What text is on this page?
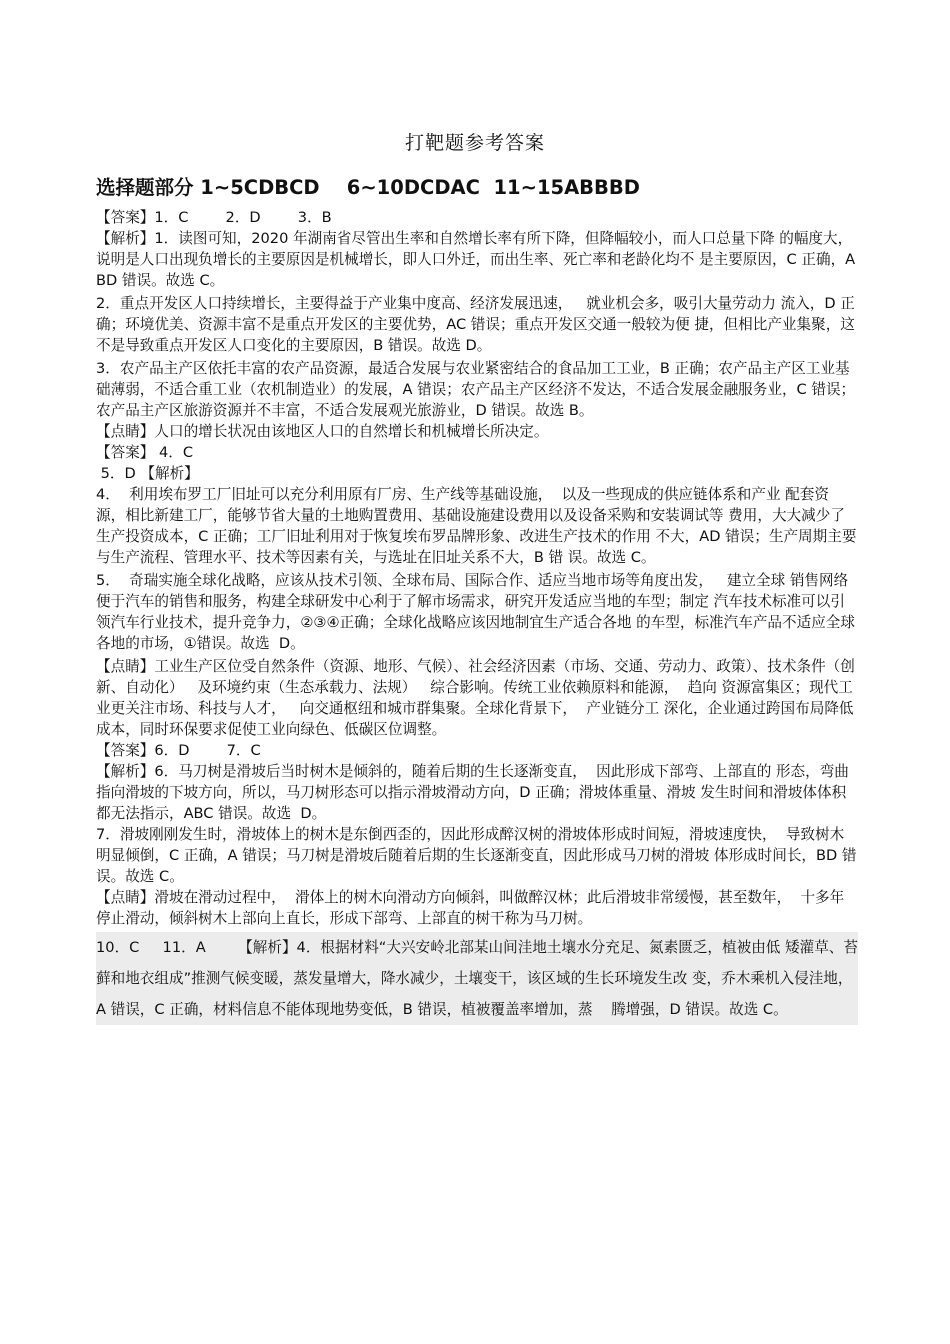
打靶题参考答案
选择题部分 1~5CDBCD    6~10DCDAC  11~15ABBBD

【答案】1．C        2．D        3．B

【解析】1．读图可知，2020 年湖南省尽管出生率和自然增长率有所下降，但降幅较小，而人口总量下降 的幅度大，说明是人口出现负增长的主要原因是机械增长，即人口外迁，而出生率、死亡率和老龄化均不 是主要原因，C 正确，ABD 错误。故选 C。

2．重点开发区人口持续增长，主要得益于产业集中度高、经济发展迅速，   就业机会多，吸引大量劳动力 流入，D 正确；环境优美、资源丰富不是重点开发区的主要优势，AC 错误；重点开发区交通一般较为便 捷，但相比产业集聚，这不是导致重点开发区人口变化的主要原因，B 错误。故选 D。

3．农产品主产区依托丰富的农产品资源，最适合发展与农业紧密结合的食品加工工业，B 正确；农产品主产区工业基础薄弱，不适合重工业（农机制造业）的发展，A 错误；农产品主产区经济不发达，不适合发展金融服务业，C 错误；农产品主产区旅游资源并不丰富，不适合发展观光旅游业，D 错误。故选 B。

【点睛】人口的增长状况由该地区人口的自然增长和机械增长所决定。

【答案】 4．C

5．D 【解析】

4．  利用埃布罗工厂旧址可以充分利用原有厂房、生产线等基础设施，  以及一些现成的供应链体系和产业 配套资源，相比新建工厂，能够节省大量的土地购置费用、基础设施建设费用以及设备采购和安装调试等 费用，大大减少了生产投资成本，C 正确；工厂旧址利用对于恢复埃布罗品牌形象、改进生产技术的作用 不大，AD 错误；生产周期主要与生产流程、管理水平、技术等因素有关，与选址在旧址关系不大，B 错 误。故选 C。

5．  奇瑞实施全球化战略，应该从技术引领、全球布局、国际合作、适应当地市场等角度出发，   建立全球 销售网络便于汽车的销售和服务，构建全球研发中心利于了解市场需求，研究开发适应当地的车型；制定 汽车技术标准可以引领汽车行业技术，提升竞争力，②③④正确；全球化战略应该因地制宜生产适合各地 的车型，标准汽车产品不适应全球各地的市场，①错误。故选  D。

【点睛】工业生产区位受自然条件（资源、地形、气候）、社会经济因素（市场、交通、劳动力、政策）、技术条件（创新、自动化）   及环境约束（生态承载力、法规）   综合影响。传统工业依赖原料和能源，  趋向 资源富集区；现代工业更关注市场、科技与人才，   向交通枢纽和城市群集聚。全球化背景下，  产业链分工 深化，企业通过跨国布局降低成本，同时环保要求促使工业向绿色、低碳区位调整。

【答案】6．D        7．C

【解析】6．马刀树是滑坡后当时树木是倾斜的，随着后期的生长逐渐变直，  因此形成下部弯、上部直的 形态，弯曲指向滑坡的下坡方向，所以，马刀树形态可以指示滑坡滑动方向，D 正确；滑坡体重量、滑坡 发生时间和滑坡体体积都无法指示，ABC 错误。故选  D。

7．滑坡刚刚发生时，滑坡体上的树木是东倒西歪的，因此形成醉汉树的滑坡体形成时间短，滑坡速度快，  导致树木明显倾倒，C 正确，A 错误；马刀树是滑坡后随着后期的生长逐渐变直，因此形成马刀树的滑坡 体形成时间长，BD 错误。故选 C。

【点睛】滑坡在滑动过程中，  滑体上的树木向滑动方向倾斜，叫做醉汉林；此后滑坡非常缓慢，甚至数年，  十多年停止滑动，倾斜树木上部向上直长，形成下部弯、上部直的树干称为马刀树。

10．C     11．A       【解析】4．根据材料“大兴安岭北部某山间洼地土壤水分充足、氮素匮乏，植被由低 矮灌草、苔藓和地衣组成”推测气候变暖，蒸发量增大，降水减少，土壤变干，该区域的生长环境发生改 变，乔木乘机入侵洼地，A 错误，C 正确，材料信息不能体现地势变低，B 错误，植被覆盖率增加，蒸    腾增强，D 错误。故选 C。
